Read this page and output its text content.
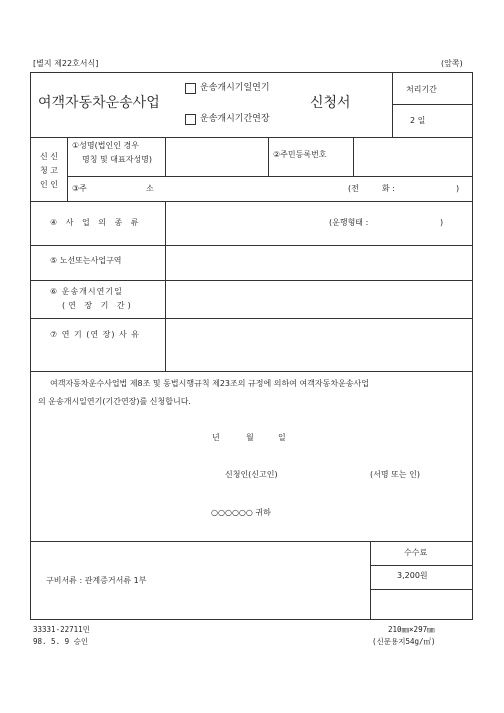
[별지 제22호서식]	(앞쪽)
여객자동차운송사업
운송개시기일연기
운송개시기간연장
신청서
처리기간
2 일
신 신
청 고
인 인
①성명(법인인 경우
명칭 및 대표자성명)
②주민등록번호
③주	소	(전	화 :	)
④ 사 업 의 종 류	(운행형태 :	)
⑤ 노선또는사업구역
⑥ 운송개시연기일
(연 장 기 간)
⑦ 연 기 (연 장) 사 유
여객자동차운수사업법 제8조 및 동법시행규칙 제23조의 규정에 의하여 여객자동차운송사업
의 운송개시일연기(기간연장)를 신청합니다.
년	월	일
신청인(신고인)	(서명 또는 인)
○○○○○○ 귀하
수수료
3,200원
구비서류 : 관계증거서류 1부
33331-22711민
98. 5. 9 승인
210㎜×297㎜
(신문용지54g/㎡)
